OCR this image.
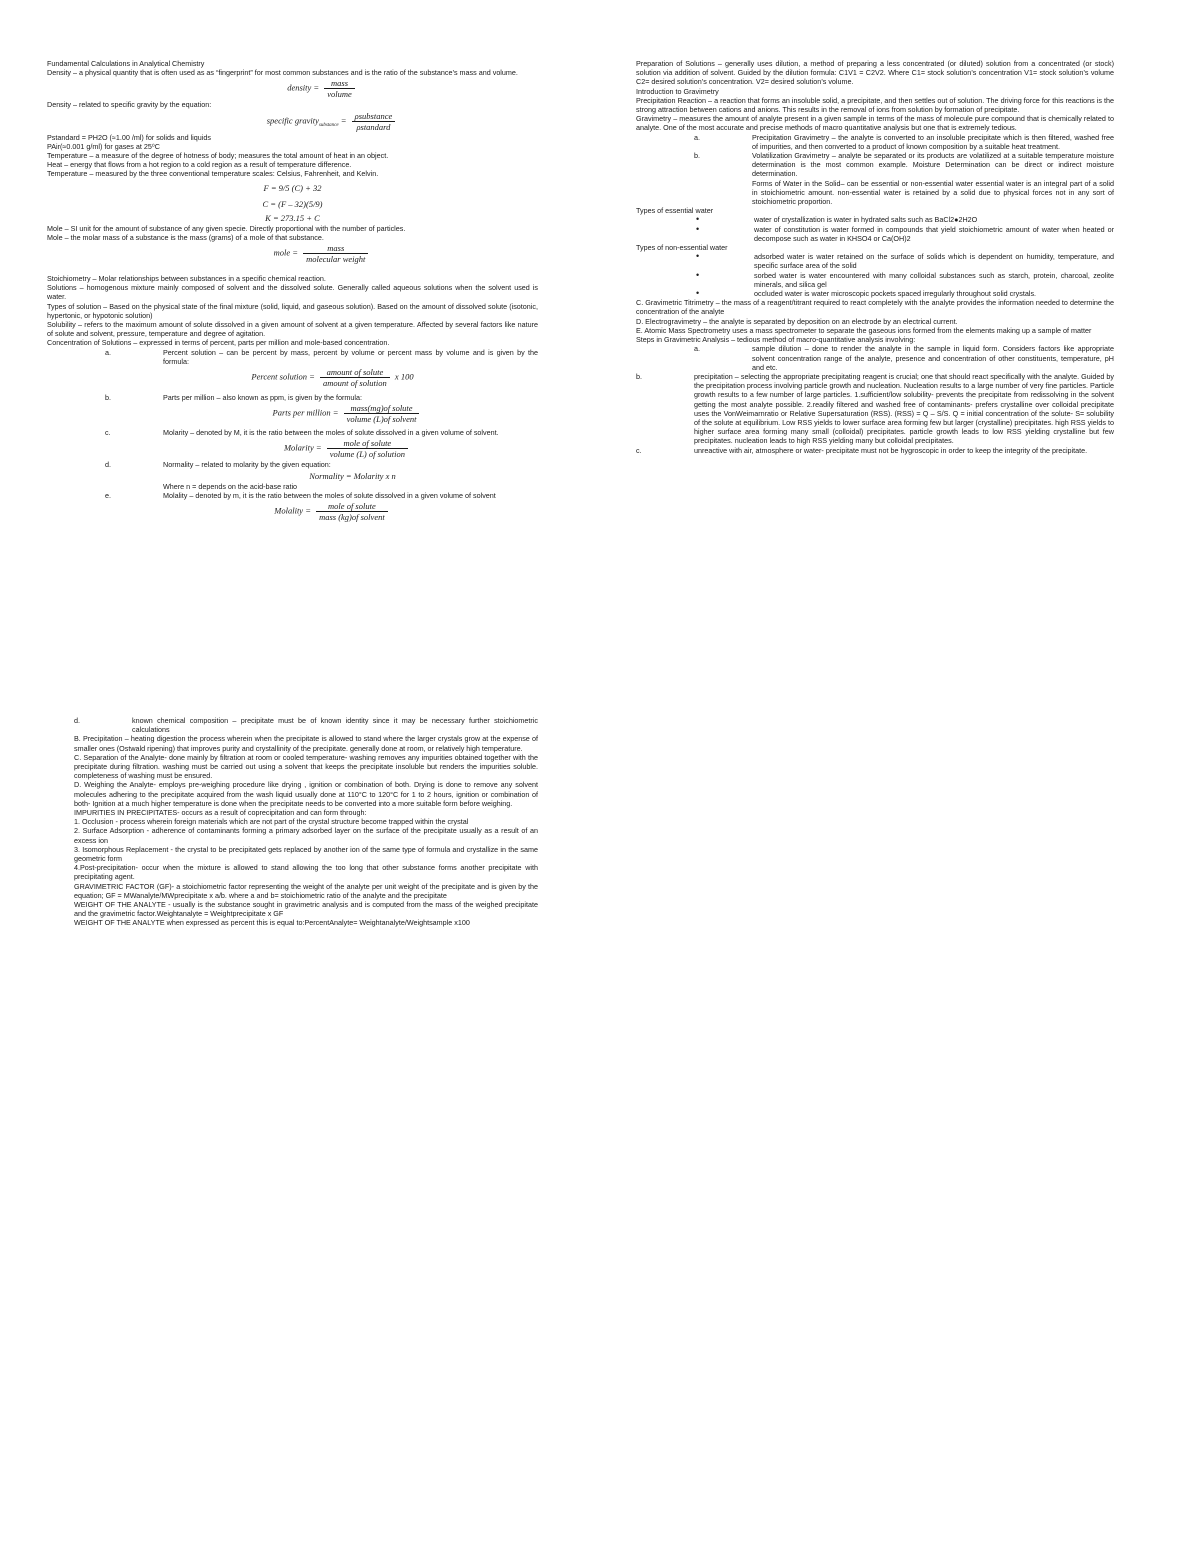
Fundamental Calculations in Analytical Chemistry

Density – a physical quantity that is often used as as “fingerprint” for most common substances and is the ratio of the substance’s mass and volume.

density = $\frac{\text{mass}}{\text{volume}}$

Density – related to specific gravity by the equation:

specific gravity$_{substance}$ = $\frac{\text{ρsubstance}}{\text{ρstandard}}$

Pstandard = PH2O (≈1.00 /ml) for solids and liquids

PAir(≈0.001 g/ml) for gases at 25⁰C

Temperature – a measure of the degree of hotness of body; measures the total amount of heat in an object.

Heat – energy that flows from a hot region to a cold region as a result of temperature difference.

Temperature – measured by the three conventional temperature scales: Celsius, Fahrenheit, and Kelvin.

F = 9/5 (C) + 32
C = (F – 32)(5/9)
K = 273.15 + C

Mole – SI unit for the amount of substance of any given specie. Directly proportional with the number of particles.

Mole – the molar mass of a substance is the mass (grams) of a mole of that substance.

mole = $\frac{\text{mass}}{\text{molecular weight}}$

Stoichiometry – Molar relationships between substances in a specific chemical reaction.

Solutions – homogenous mixture mainly composed of solvent and the dissolved solute. Generally called aqueous solutions when the solvent used is water.

Types of solution – Based on the physical state of the final mixture (solid, liquid, and gaseous solution). Based on the amount of dissolved solute (isotonic, hypertonic, or hypotonic solution)

Solubility – refers to the maximum amount of solute dissolved in a given amount of solvent at a given temperature. Affected by several factors like nature of solute and solvent, pressure, temperature and degree of agitation.

Concentration of Solutions – expressed in terms of percent, parts per million and mole-based concentration.

a.	Percent solution – can be percent by mass, percent by volume or percent mass by volume and is given by the formula:
Percent solution = $\frac{\text{amount of solute}}{\text{amount of solution}}$ x 100
b.	Parts per million – also known as ppm, is given by the formula:
Parts per million = $\frac{\text{mass(mg)of solute}}{\text{volume (L)of solvent}}$
c.	Molarity – denoted by M, it is the ratio between the moles of solute dissolved in a given volume of solvent.
Molarity = $\frac{\text{mole of solute}}{\text{volume (L) of solution}}$
d.	Normality – related to molarity by the given equation:
Normality = Molarity x n

Where n = depends on the acid-base ratio

e.	Molality – denoted by m, it is the ratio between the moles of solute dissolved in a given volume of solvent
Molality = $\frac{\text{mole of solute}}{\text{mass (kg)of solvent}}$

Preparation of Solutions – generally uses dilution, a method of preparing a less concentrated (or diluted) solution from a concentrated (or stock) solution via addition of solvent. Guided by the dilution formula: C1V1 = C2V2. Where C1= stock solution’s concentration V1= stock solution’s volume C2= desired solution’s concentration. V2= desired solution’s volume.

Introduction to Gravimetry

Precipitation Reaction – a reaction that forms an insoluble solid, a precipitate, and then settles out of solution. The driving force for this reactions is the strong attraction between cations and anions. This results in the removal of ions from solution by formation of precipitate.

Gravimetry – measures the amount of analyte present in a given sample in terms of the mass of molecule pure compound that is chemically related to analyte. One of the most accurate and precise methods of macro quantitative analysis but one that is extremely tedious.

a.	Precipitation Gravimetry – the analyte is converted to an insoluble precipitate which is then filtered, washed free of impurities, and then converted to a product of known composition by a suitable heat treatment.
b.	Volatilization Gravimetry – analyte be separated or its products are volatilized at a suitable temperature moisture determination is the most common example. Moisture Determination can be direct or indirect moisture determination.

Forms of Water in the Solid– can be essential or non-essential water essential water is an integral part of a solid in stoichiometric amount. non-essential water is retained by a solid due to physical forces not in any sort of stoichiometric proportion.

Types of essential water

•	water of crystallization is water in hydrated salts such as BaCl2●2H2O
•	water of constitution is water formed in compounds that yield stoichiometric amount of water when heated or decompose such as water in KHSO4 or Ca(OH)2

Types of non-essential water

•	adsorbed water is water retained on the surface of solids which is dependent on humidity, temperature, and specific surface area of the solid
•	sorbed water is water encountered with many colloidal substances such as starch, protein, charcoal, zeolite minerals, and silica gel
•	occluded water is water microscopic pockets spaced irregularly throughout solid crystals.

C. Gravimetric Titrimetry – the mass of a reagent/titrant required to react completely with the analyte provides the information needed to determine the concentration of the analyte

D. Electrogravimetry – the analyte is separated by deposition on an electrode by an electrical current.

E. Atomic Mass Spectrometry uses a mass spectrometer to separate the gaseous ions formed from the elements making up a sample of matter

Steps in Gravimetric Analysis – tedious method of macro-quantitative analysis involving:

a.	sample dilution – done to render the analyte in the sample in liquid form. Considers factors like appropriate solvent concentration range of the analyte, presence and concentration of other constituents, temperature, pH and etc.
b.	precipitation – selecting the appropriate precipitating reagent is crucial; one that should react specifically with the analyte. Guided by the precipitation process involving particle growth and nucleation. Nucleation results to a large number of very fine particles. Particle growth results to a few number of large particles. 1.sufficient/low solubility- prevents the precipitate from redissolving in the solvent getting the most analyte possible. 2.readily filtered and washed free of contaminants- prefers crystalline over colloidal precipitate uses the VonWeimarnratio or Relative Supersaturation (RSS). (RSS) = Q – S/S. Q = initial concentration of the solute- S= solubility of the solute at equilibrium. Low RSS yields to lower surface area forming few but larger (crystalline) precipitates. high RSS yields to higher surface area forming many small (colloidal) precipitates. particle growth leads to low RSS yielding crystalline but few precipitates. nucleation leads to high RSS yielding many but colloidal precipitates.
c.	unreactive with air, atmosphere or water- precipitate must not be hygroscopic in order to keep the integrity of the precipitate.
d.	known chemical composition – precipitate must be of known identity since it may be necessary further stoichiometric calculations

B. Precipitation – heating digestion the process wherein when the precipitate is allowed to stand where the larger crystals grow at the expense of smaller ones (Ostwald ripening) that improves purity and crystallinity of the precipitate. generally done at room, or relatively high temperature.

C. Separation of the Analyte- done mainly by filtration at room or cooled temperature- washing removes any impurities obtained together with the precipitate during filtration. washing must be carried out using a solvent that keeps the precipitate insoluble but renders the impurities soluble. completeness of washing must be ensured.

D. Weighing the Analyte- employs pre-weighing procedure like drying , ignition or combination of both. Drying is done to remove any solvent molecules adhering to the precipitate acquired from the wash liquid usually done at 110°C to 120°C for 1 to 2 hours, ignition or combination of both- Ignition at a much higher temperature is done when the precipitate needs to be converted into a more suitable form before weighing.

IMPURITIES IN PRECIPITATES- occurs as a result of coprecipitation and can form through:

1. Occlusion - process wherein foreign materials which are not part of the crystal structure become trapped within the crystal

2. Surface Adsorption - adherence of contaminants forming a primary adsorbed layer on the surface of the precipitate usually as a result of an excess ion

3. Isomorphous Replacement - the crystal to be precipitated gets replaced by another ion of the same type of formula and crystallize in the same geometric form

4.Post-precipitation- occur when the mixture is allowed to stand allowing the too long that other substance forms another precipitate with precipitating agent.

GRAVIMETRIC FACTOR (GF)- a stoichiometric factor representing the weight of the analyte per unit weight of the precipitate and is given by the equation; GF = MWanalyte/MWprecipitate x a/b. where a and b= stoichiometric ratio of the analyte and the precipitate

WEIGHT OF THE ANALYTE - usually is the substance sought in gravimetric analysis and is computed from the mass of the weighed precipitate and the gravimetric factor.Weightanalyte = Weightprecipitate x GF

WEIGHT OF THE ANALYTE when expressed as percent this is equal to:PercentAnalyte= Weightanalyte/Weightsample x100
